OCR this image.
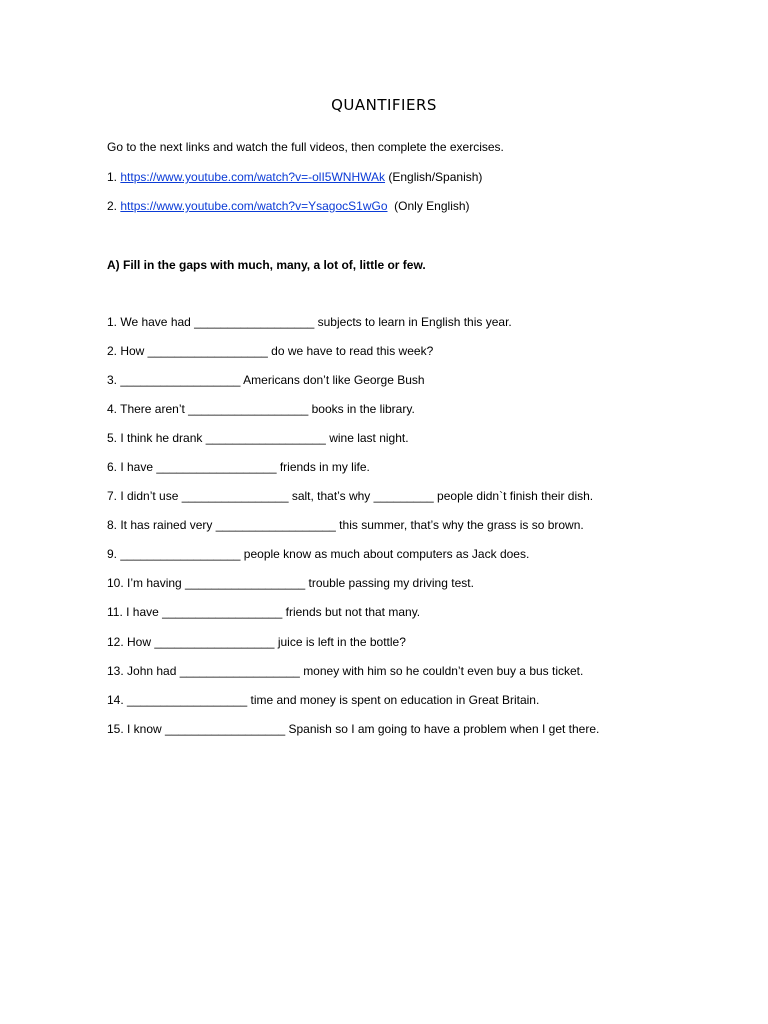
QUANTIFIERS
Go to the next links and watch the full videos, then complete the exercises.
1. https://www.youtube.com/watch?v=-olI5WNHWAk (English/Spanish)
2. https://www.youtube.com/watch?v=YsagocS1wGo (Only English)
A) Fill in the gaps with much, many, a lot of, little or few.
1. We have had __________________ subjects to learn in English this year.
2. How __________________ do we have to read this week?
3. __________________ Americans don’t like George Bush
4. There aren’t __________________ books in the library.
5. I think he drank __________________ wine last night.
6. I have __________________ friends in my life.
7. I didn’t use ________________ salt, that’s why _________ people didn`t finish their dish.
8. It has rained very __________________ this summer, that’s why the grass is so brown.
9. __________________ people know as much about computers as Jack does.
10. I’m having __________________ trouble passing my driving test.
11. I have __________________ friends but not that many.
12. How __________________ juice is left in the bottle?
13. John had __________________ money with him so he couldn’t even buy a bus ticket.
14. __________________ time and money is spent on education in Great Britain.
15. I know __________________ Spanish so I am going to have a problem when I get there.
